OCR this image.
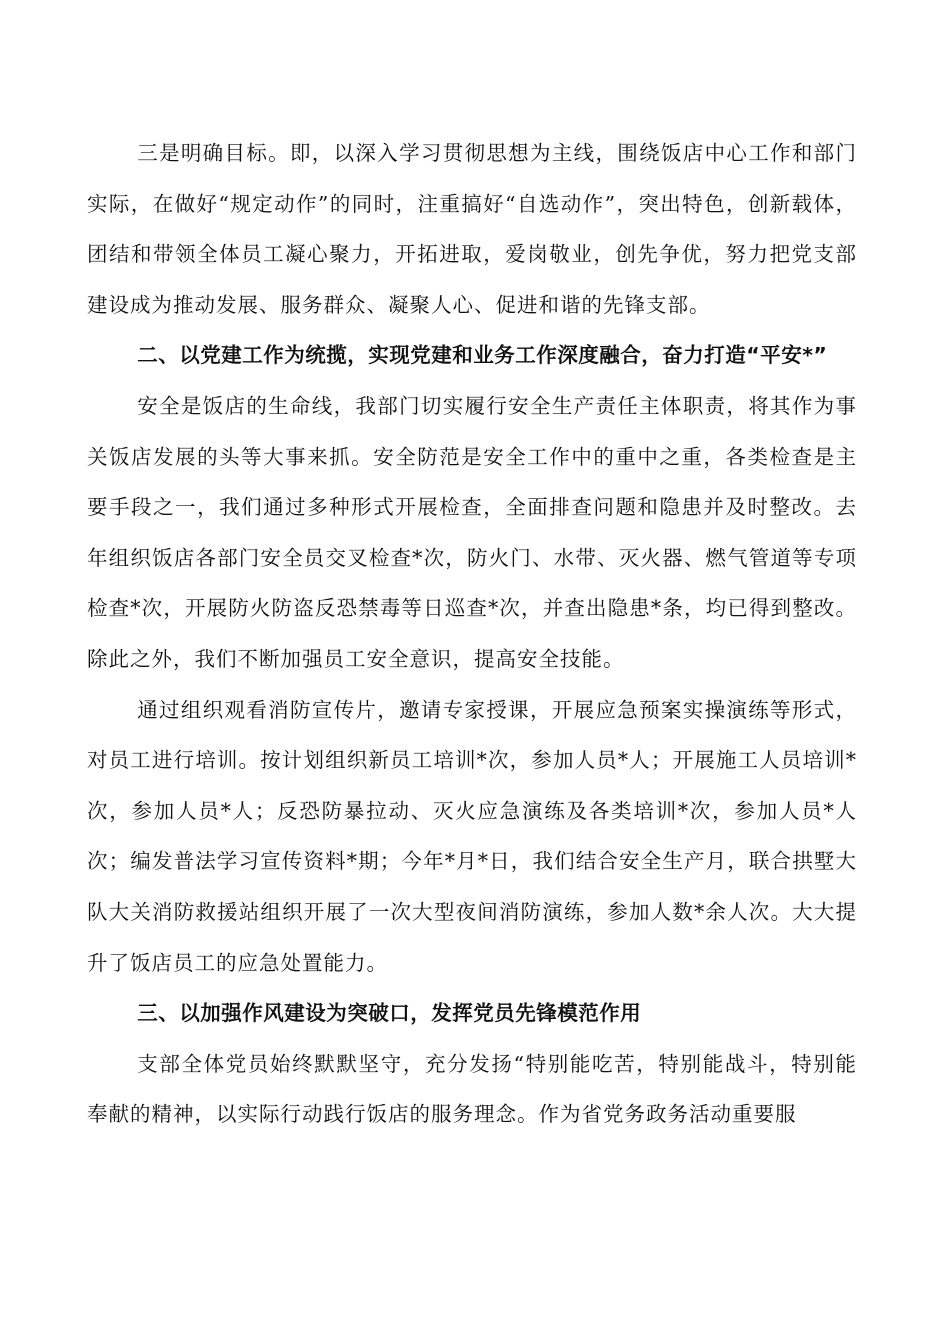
三是明确目标。即，以深入学习贯彻思想为主线，围绕饭店中心工作和部门实际，在做好“规定动作”的同时，注重搞好“自选动作”，突出特色，创新载体，团结和带领全体员工凝心聚力，开拓进取，爱岗敬业，创先争优，努力把党支部建设成为推动发展、服务群众、凝聚人心、促进和谐的先锋支部。

二、以党建工作为统揽，实现党建和业务工作深度融合，奋力打造“平安*”

安全是饭店的生命线，我部门切实履行安全生产责任主体职责，将其作为事关饭店发展的头等大事来抓。安全防范是安全工作中的重中之重，各类检查是主要手段之一，我们通过多种形式开展检查，全面排查问题和隐患并及时整改。去年组织饭店各部门安全员交叉检查*次，防火门、水带、灭火器、燃气管道等专项检查*次，开展防火防盗反恐禁毒等日巡查*次，并查出隐患*条，均已得到整改。除此之外，我们不断加强员工安全意识，提高安全技能。

通过组织观看消防宣传片，邀请专家授课，开展应急预案实操演练等形式，对员工进行培训。按计划组织新员工培训*次，参加人员*人；开展施工人员培训*次，参加人员*人；反恐防暴拉动、灭火应急演练及各类培训*次，参加人员*人次；编发普法学习宣传资料*期；今年*月*日，我们结合安全生产月，联合拱墅大队大关消防救援站组织开展了一次大型夜间消防演练，参加人数*余人次。大大提升了饭店员工的应急处置能力。

三、以加强作风建设为突破口，发挥党员先锋模范作用

支部全体党员始终默默坚守，充分发扬“特别能吃苦，特别能战斗，特别能奉献的精神，以实际行动践行饭店的服务理念。作为省党务政务活动重要服
